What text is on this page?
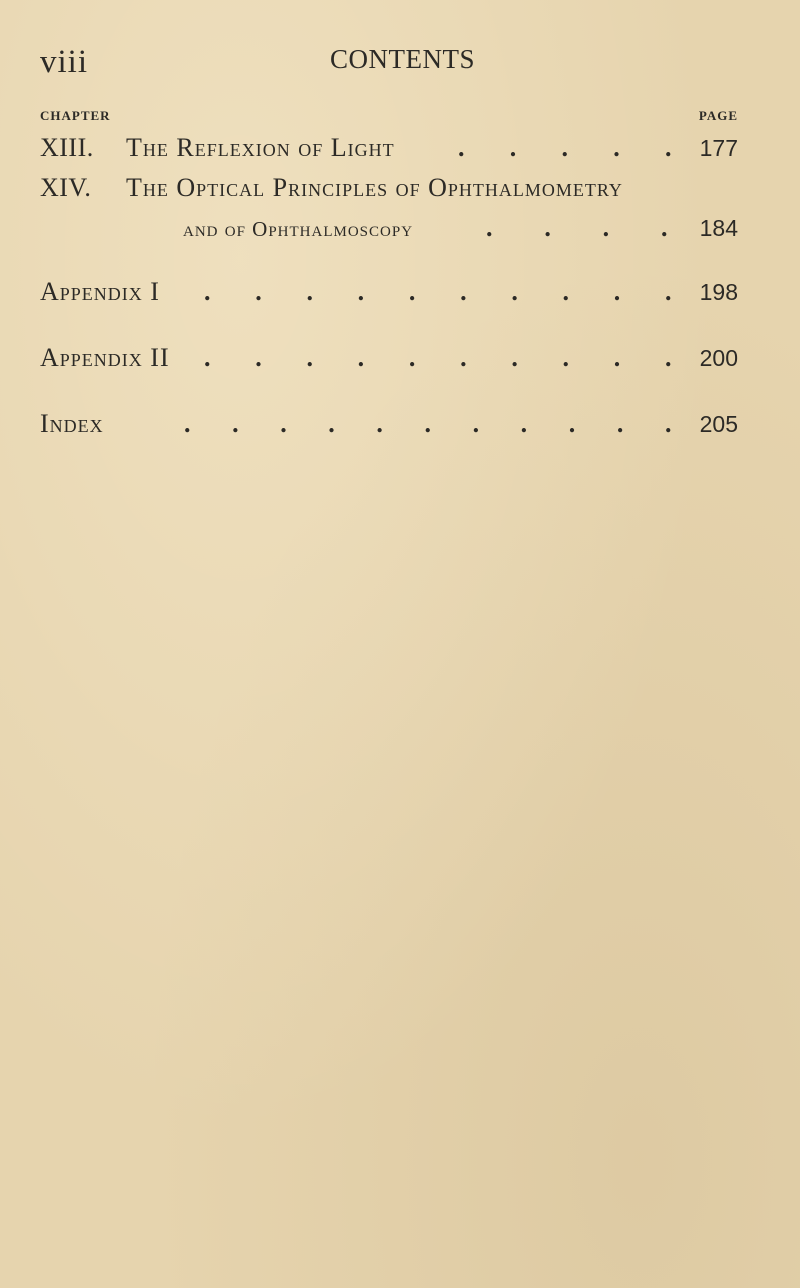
viii	CONTENTS
CHAPTER	PAGE
XIII. The Reflexion of Light . . . . . 177
XIV. The Optical Principles of Ophthalmometry
and of Ophthalmoscopy	. . . . 184
Appendix I . . . . . . . . . . 198
Appendix II . . . . . . . . . . 200
Index	. . . . . . . . . . . 205
